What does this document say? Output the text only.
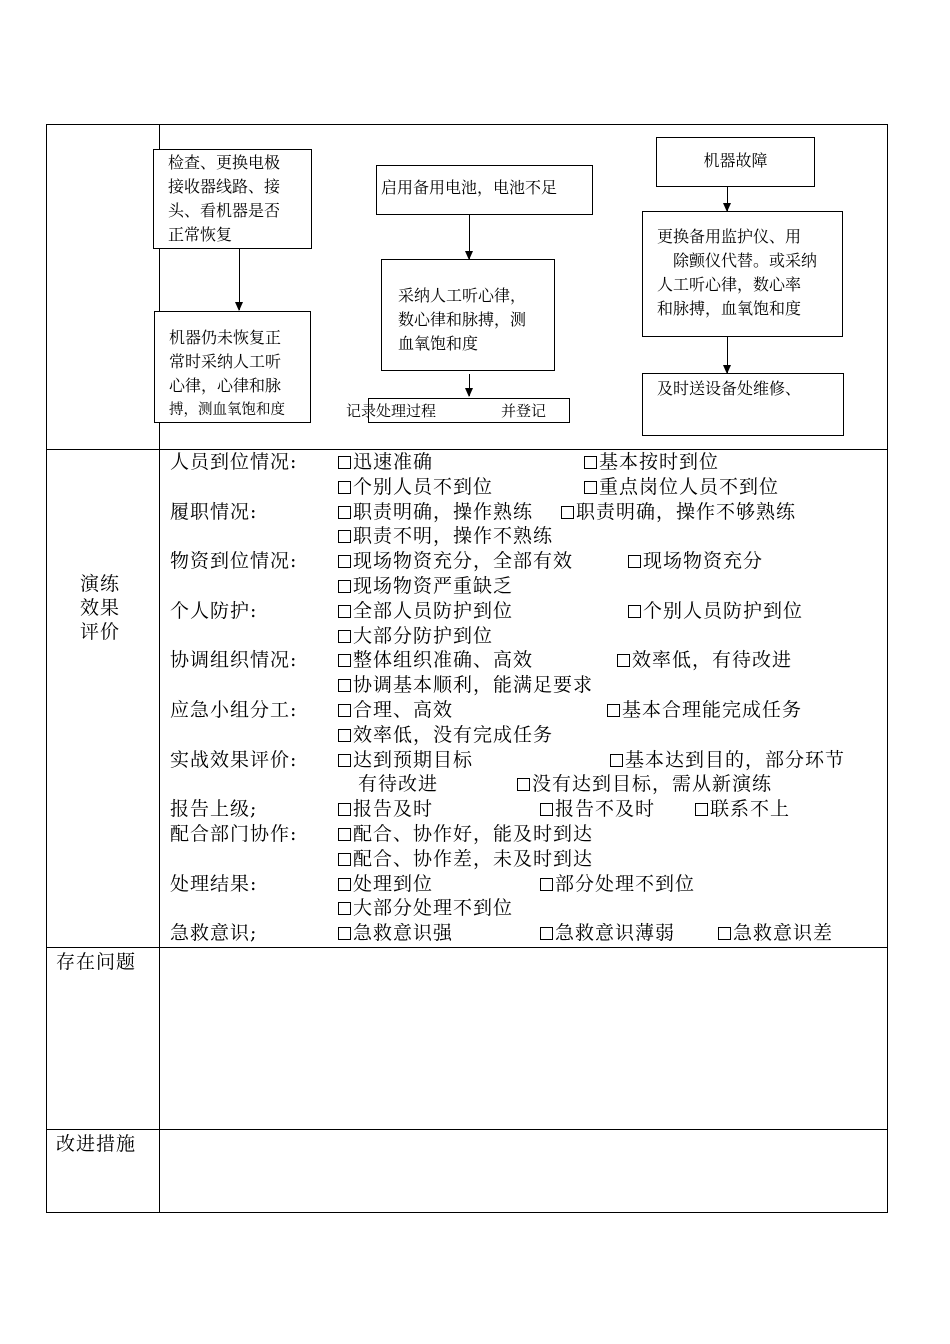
检查、更换电极
接收器线路、接
头、看机器是否
正常恢复
机器仍未恢复正
常时采纳人工听
心律，心律和脉
搏，测血氧饱和度
启用备用电池，电池不足
采纳人工听心律，
数心律和脉搏，测
血氧饱和度
记录处理过程	并登记
机器故障
更换备用监护仪、用
　除颤仪代替。或采纳
人工听心律，数心率
和脉搏，血氧饱和度
及时送设备处维修、
演练
效果
评价
人员到位情况:	迅速准确	基本按时到位
个别人员不到位	重点岗位人员不到位
履职情况:	职责明确，操作熟练	职责明确，操作不够熟练
职责不明，操作不熟练
物资到位情况:	现场物资充分，全部有效	现场物资充分
现场物资严重缺乏
个人防护:	全部人员防护到位	个别人员防护到位
大部分防护到位
协调组织情况:	整体组织准确、高效	效率低，有待改进
协调基本顺利，能满足要求
应急小组分工:	合理、高效	基本合理能完成任务
效率低，没有完成任务
实战效果评价:	达到预期目标	基本达到目的，部分环节
有待改进	没有达到目标，需从新演练
报告上级;	报告及时	报告不及时	联系不上
配合部门协作:	配合、协作好，能及时到达
配合、协作差，未及时到达
处理结果:	处理到位	部分处理不到位
大部分处理不到位
急救意识;	急救意识强	急救意识薄弱	急救意识差
存在问题
改进措施
